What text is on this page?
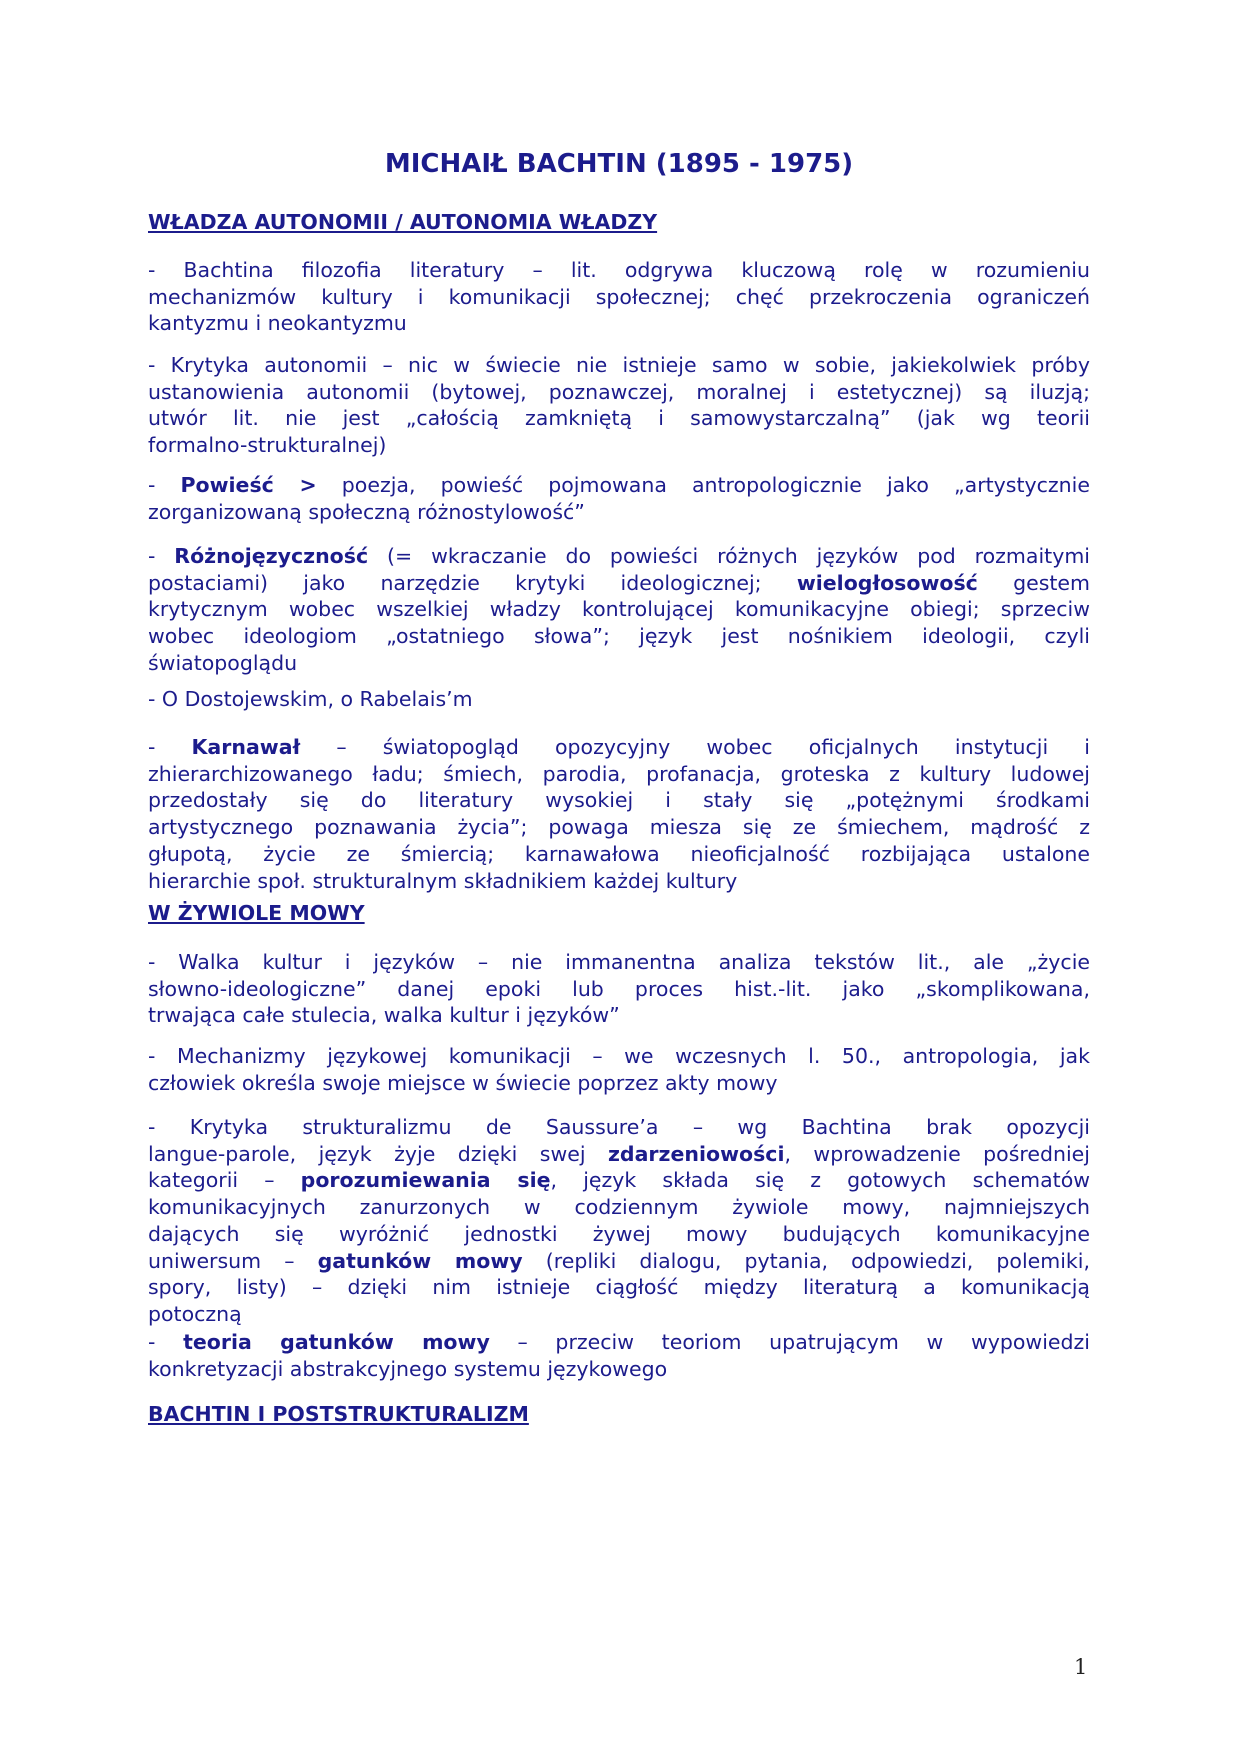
MICHAIŁ BACHTIN (1895 - 1975)
WŁADZA AUTONOMII / AUTONOMIA WŁADZY
- Bachtina filozofia literatury – lit. odgrywa kluczową rolę w rozumieniu
mechanizmów kultury i komunikacji społecznej; chęć przekroczenia ograniczeń
kantyzmu i neokantyzmu
- Krytyka autonomii – nic w świecie nie istnieje samo w sobie, jakiekolwiek próby
ustanowienia autonomii (bytowej, poznawczej, moralnej i estetycznej) są iluzją;
utwór lit. nie jest „całością zamkniętą i samowystarczalną” (jak wg teorii
formalno-strukturalnej)
- Powieść > poezja, powieść pojmowana antropologicznie jako „artystycznie
zorganizowaną społeczną różnostylowość”
- Różnojęzyczność (= wkraczanie do powieści różnych języków pod rozmaitymi
postaciami) jako narzędzie krytyki ideologicznej; wielogłosowość gestem
krytycznym wobec wszelkiej władzy kontrolującej komunikacyjne obiegi; sprzeciw
wobec ideologiom „ostatniego słowa”; język jest nośnikiem ideologii, czyli
światopoglądu
- O Dostojewskim, o Rabelais’m
- Karnawał – światopogląd opozycyjny wobec oficjalnych instytucji i
zhierarchizowanego ładu; śmiech, parodia, profanacja, groteska z kultury ludowej
przedostały się do literatury wysokiej i stały się „potężnymi środkami
artystycznego poznawania życia”; powaga miesza się ze śmiechem, mądrość z
głupotą, życie ze śmiercią; karnawałowa nieoficjalność rozbijająca ustalone
hierarchie społ. strukturalnym składnikiem każdej kultury
W ŻYWIOLE MOWY
- Walka kultur i języków – nie immanentna analiza tekstów lit., ale „życie
słowno-ideologiczne” danej epoki lub proces hist.-lit. jako „skomplikowana,
trwająca całe stulecia, walka kultur i języków”
- Mechanizmy językowej komunikacji – we wczesnych l. 50., antropologia, jak
człowiek określa swoje miejsce w świecie poprzez akty mowy
- Krytyka strukturalizmu de Saussure’a – wg Bachtina brak opozycji
langue-parole, język żyje dzięki swej zdarzeniowości, wprowadzenie pośredniej
kategorii – porozumiewania się, język składa się z gotowych schematów
komunikacyjnych zanurzonych w codziennym żywiole mowy, najmniejszych
dających się wyróżnić jednostki żywej mowy budujących komunikacyjne
uniwersum – gatunków mowy (repliki dialogu, pytania, odpowiedzi, polemiki,
spory, listy) – dzięki nim istnieje ciągłość między literaturą a komunikacją
potoczną
- teoria gatunków mowy – przeciw teoriom upatrującym w wypowiedzi
konkretyzacji abstrakcyjnego systemu językowego
BACHTIN I POSTSTRUKTURALIZM
1
